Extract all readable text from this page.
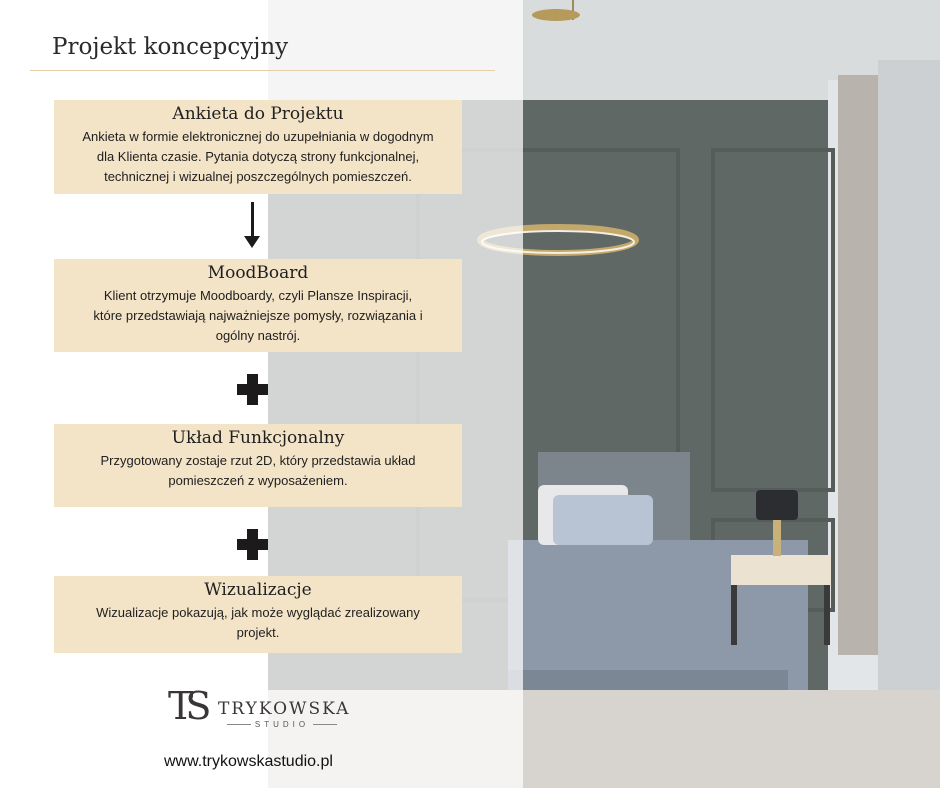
Projekt koncepcyjny
Ankieta do Projektu

Ankieta w formie elektronicznej do uzupełniania w dogodnym
dla Klienta czasie. Pytania dotyczą strony funkcjonalnej,
technicznej i wizualnej poszczególnych pomieszczeń.

MoodBoard

Klient otrzymuje Moodboardy, czyli Plansze Inspiracji,
które przedstawiają najważniejsze pomysły, rozwiązania i
ogólny nastrój.

Układ Funkcjonalny

Przygotowany zostaje rzut 2D, który przedstawia układ
pomieszczeń z wyposażeniem.

Wizualizacje

Wizualizacje pokazują, jak może wyglądać zrealizowany
projekt.

TS TRYKOWSKA
STUDIO
www.trykowskastudio.pl
